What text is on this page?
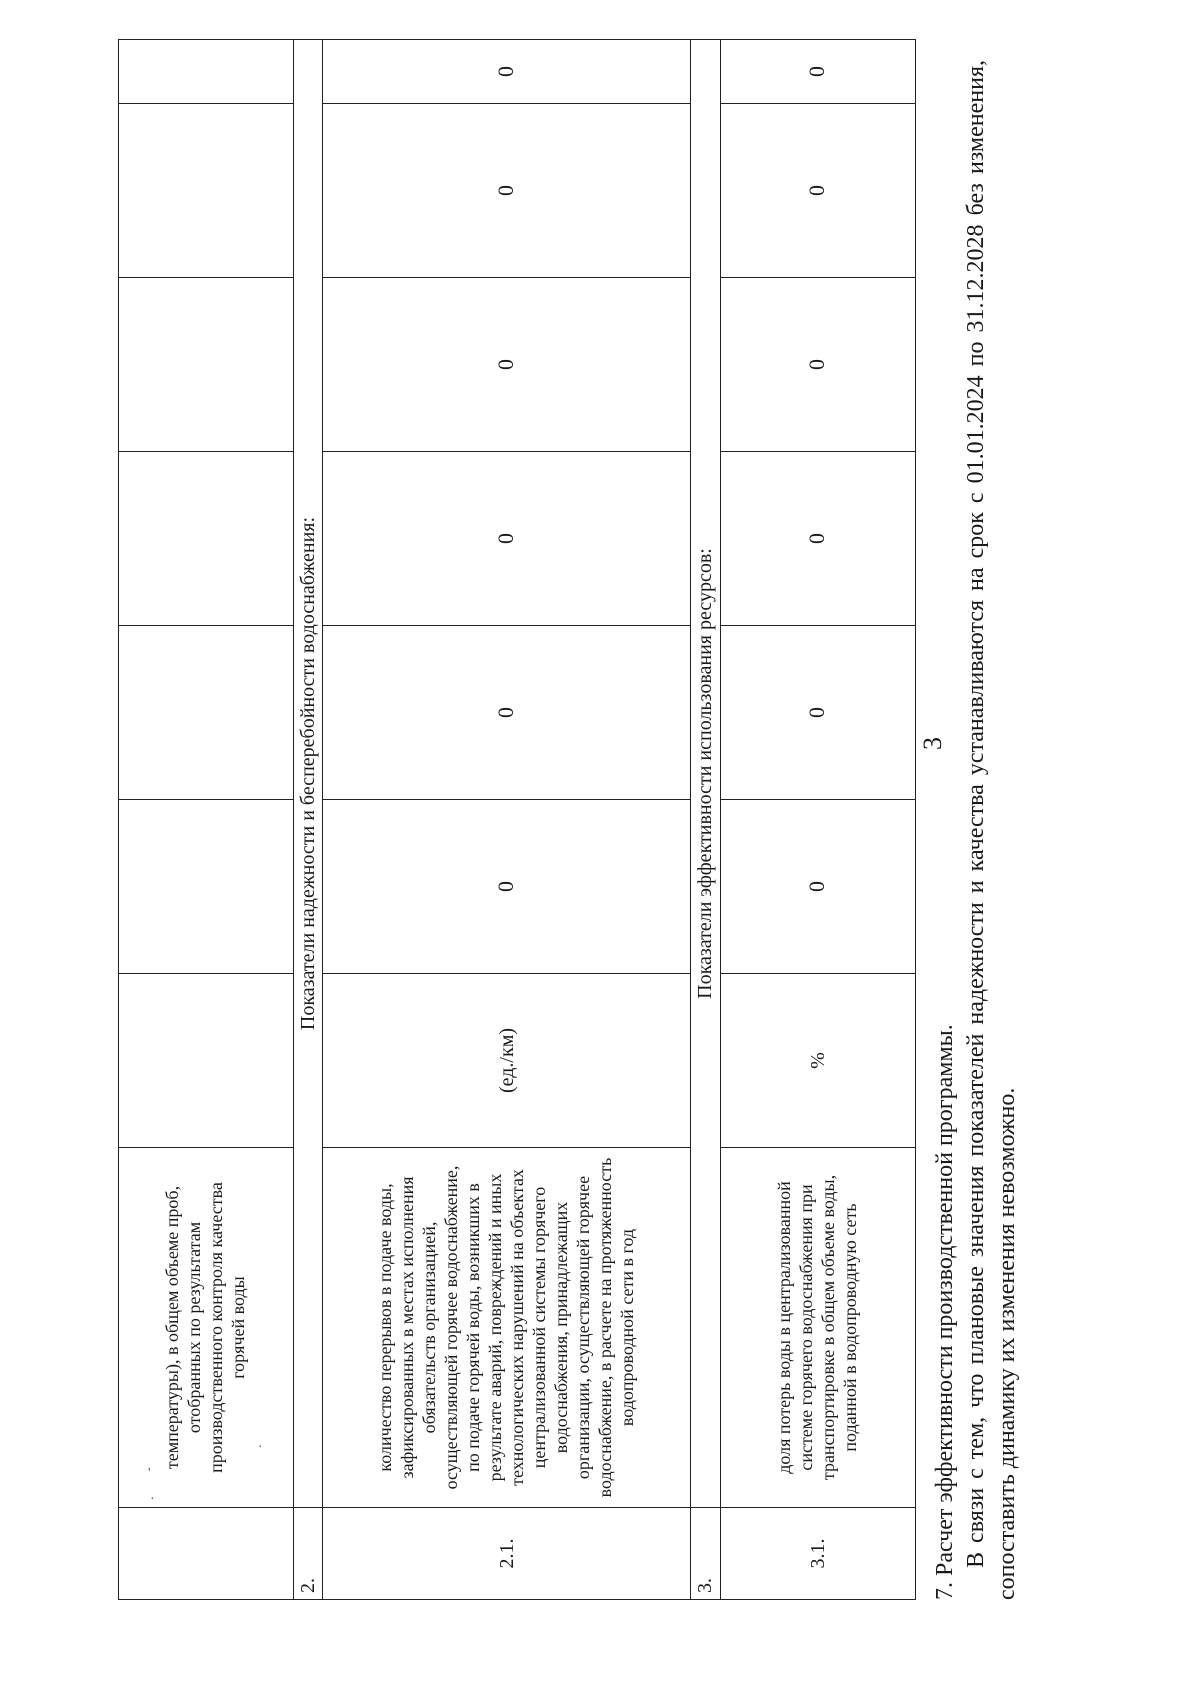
	температуры), в общем объеме проб, отобранных по результатам производственного контроля качества горячей воды								
2.	Показатели надежности и бесперебойности водоснабжения:								
2.1.	количество перерывов в подаче воды, зафиксированных в местах исполнения обязательств организацией, осуществляющей горячее водоснабжение, по подаче горячей воды, возникших в результате аварий, повреждений и иных технологических нарушений на объектах централизованной системы горячего водоснабжения, принадлежащих организации, осуществляющей горячее водоснабжение, в расчете на протяженность водопроводной сети в год	(ед./км)	0	0	0	0	0	0	
3.	Показатели эффективности использования ресурсов:								
3.1.	доля потерь воды в централизованной системе горячего водоснабжения при транспортировке в общем объеме воды, поданной в водопроводную сеть	%	0	0	0	0	0	0	
3

7. Расчет эффективности производственной программы. В связи с тем, что плановые значения показателей надежности и качества устанавливаются на срок с 01.01.2024 по 31.12.2028 без изменения, сопоставить динамику их изменения невозможно.

'
·
·
